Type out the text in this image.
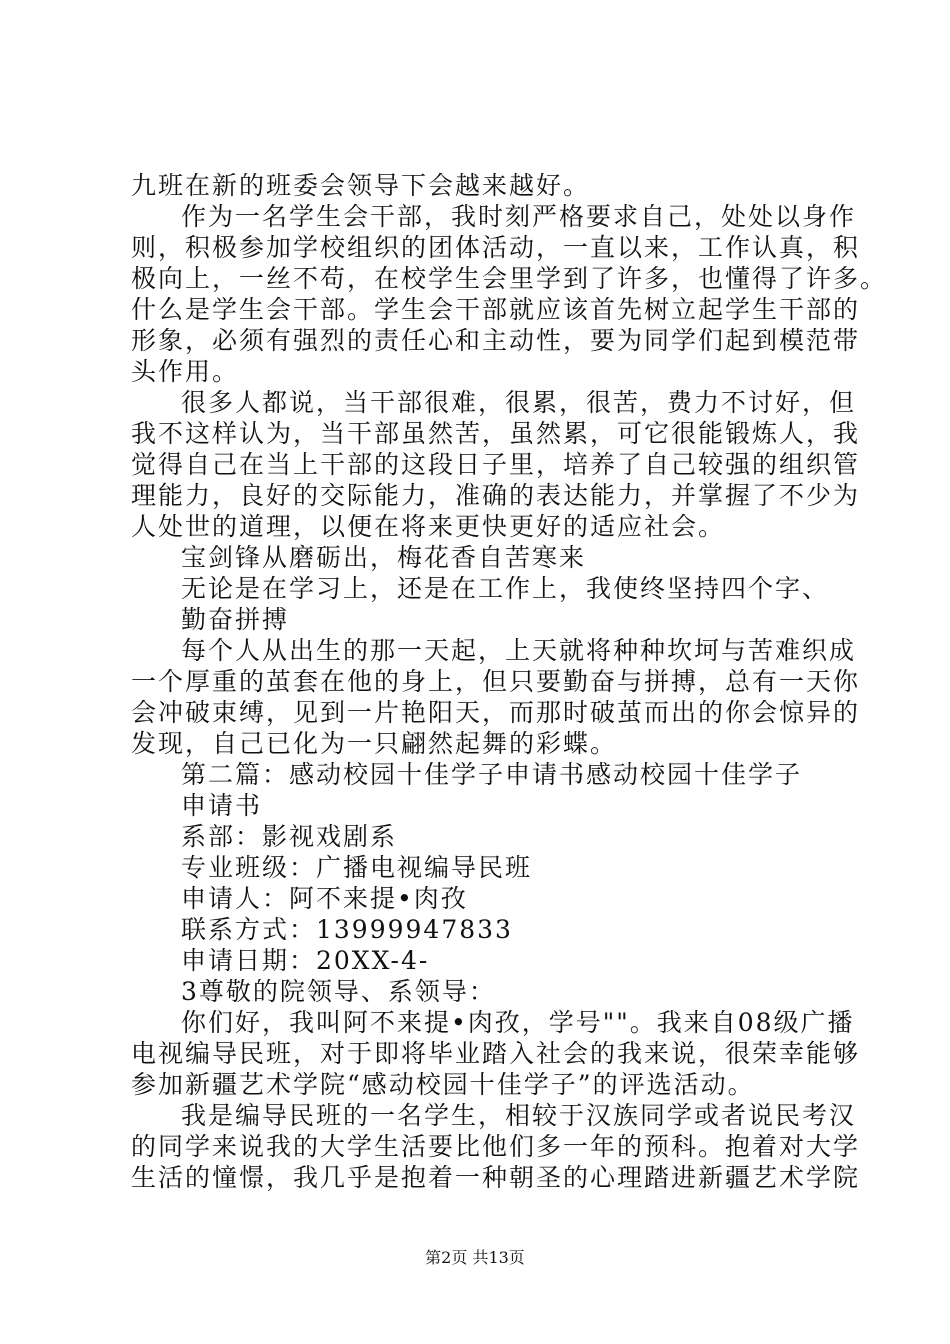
九班在新的班委会领导下会越来越好。
作为一名学生会干部，我时刻严格要求自己，处处以身作
则，积极参加学校组织的团体活动，一直以来，工作认真，积
极向上，一丝不苟，在校学生会里学到了许多，也懂得了许多。
什么是学生会干部。学生会干部就应该首先树立起学生干部的
形象，必须有强烈的责任心和主动性，要为同学们起到模范带
头作用。
很多人都说，当干部很难，很累，很苦，费力不讨好，但
我不这样认为，当干部虽然苦，虽然累，可它很能锻炼人，我
觉得自己在当上干部的这段日子里，培养了自己较强的组织管
理能力，良好的交际能力，准确的表达能力，并掌握了不少为
人处世的道理，以便在将来更快更好的适应社会。
宝剑锋从磨砺出，梅花香自苦寒来
无论是在学习上，还是在工作上，我使终坚持四个字、
勤奋拼搏
每个人从出生的那一天起，上天就将种种坎坷与苦难织成
一个厚重的茧套在他的身上，但只要勤奋与拼搏，总有一天你
会冲破束缚，见到一片艳阳天，而那时破茧而出的你会惊异的
发现，自己已化为一只翩然起舞的彩蝶。
第二篇：感动校园十佳学子申请书感动校园十佳学子
申请书
系部：影视戏剧系
专业班级：广播电视编导民班
申请人：阿不来提•肉孜
联系方式：13999947833
申请日期：20XX-4-
3尊敬的院领导、系领导：
你们好，我叫阿不来提•肉孜，学号""。我来自08级广播
电视编导民班，对于即将毕业踏入社会的我来说，很荣幸能够
参加新疆艺术学院“感动校园十佳学子”的评选活动。
我是编导民班的一名学生，相较于汉族同学或者说民考汉
的同学来说我的大学生活要比他们多一年的预科。抱着对大学
生活的憧憬，我几乎是抱着一种朝圣的心理踏进新疆艺术学院
第2页 共13页
